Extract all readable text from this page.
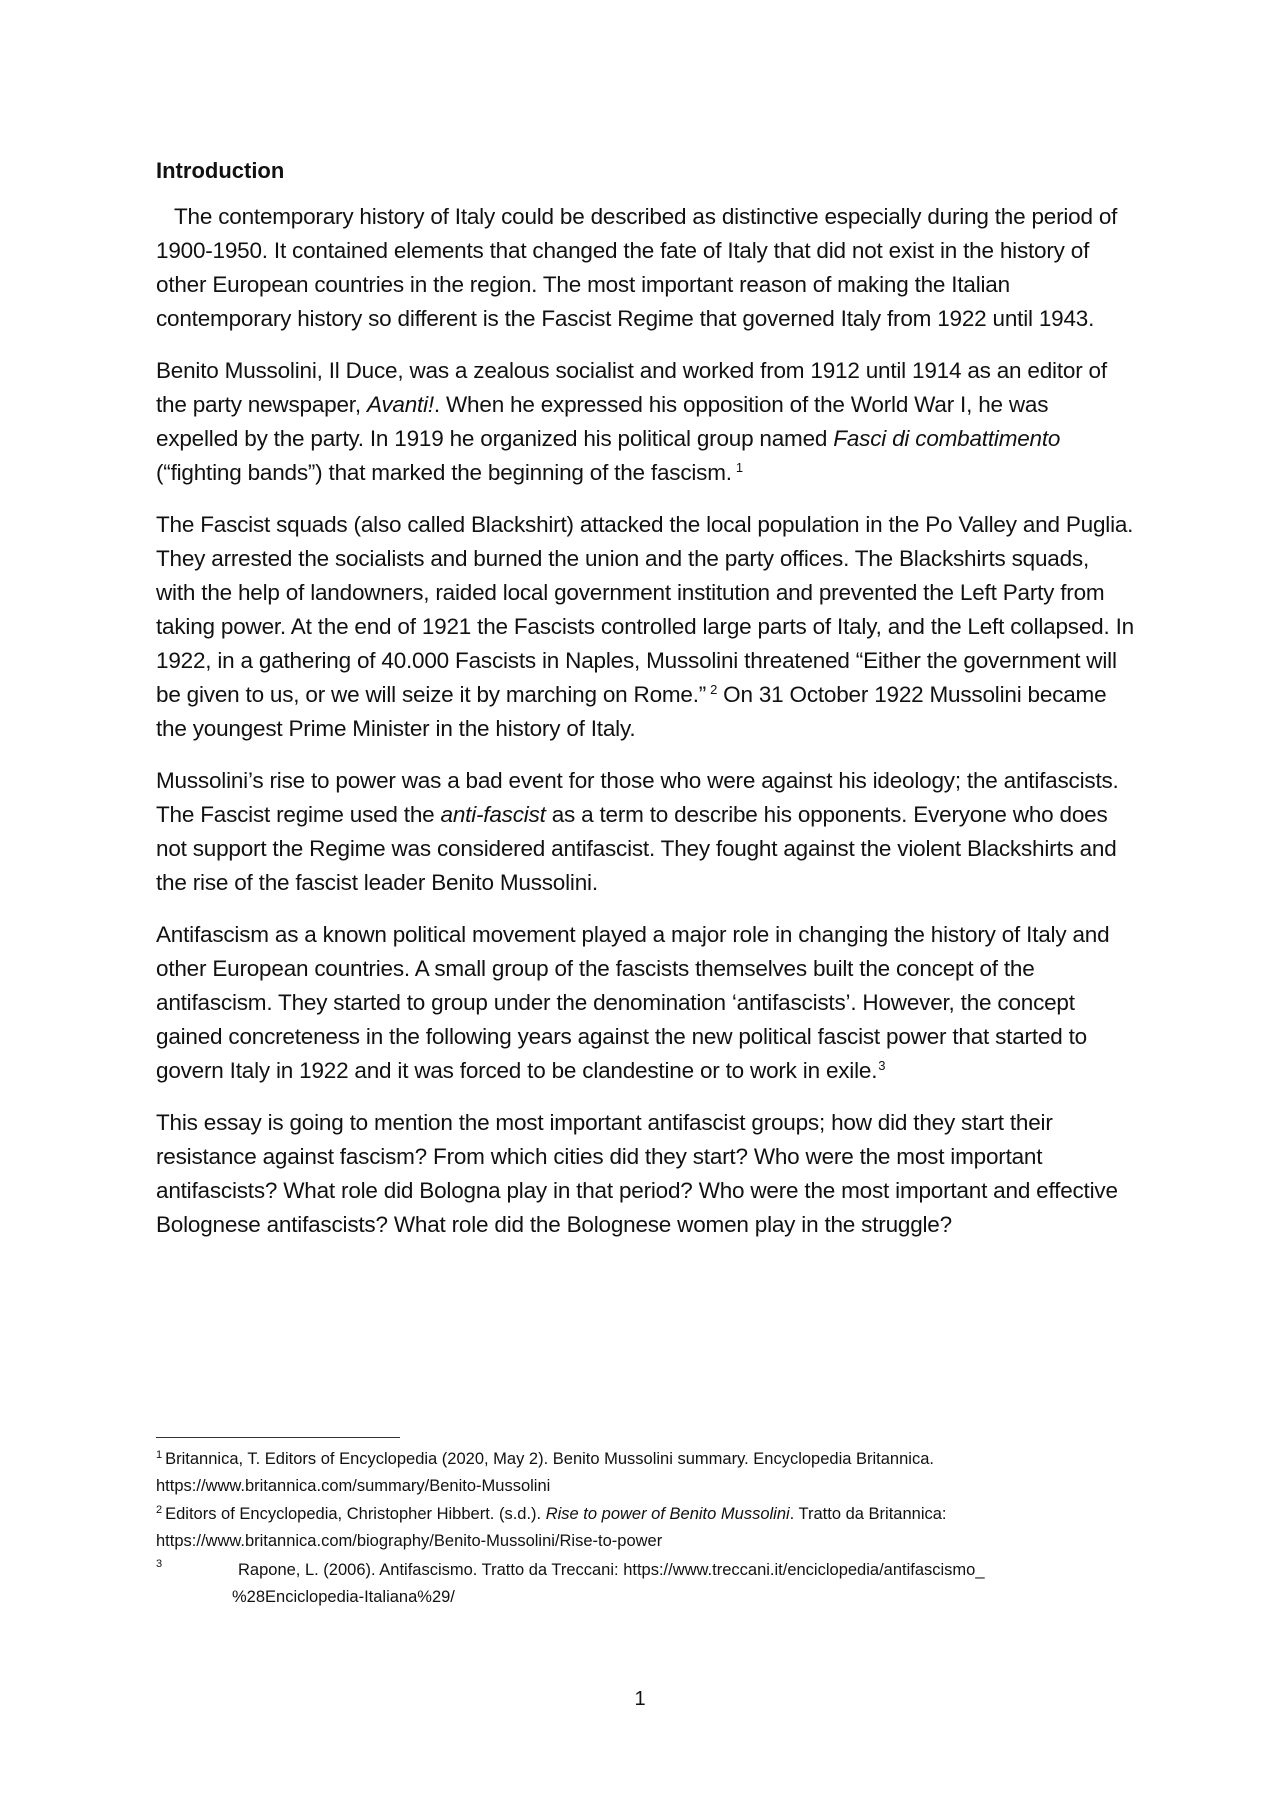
Introduction

The contemporary history of Italy could be described as distinctive especially during the period of 1900-1950. It contained elements that changed the fate of Italy that did not exist in the history of other European countries in the region. The most important reason of making the Italian contemporary history so different is the Fascist Regime that governed Italy from 1922 until 1943.

Benito Mussolini, Il Duce, was a zealous socialist and worked from 1912 until 1914 as an editor of the party newspaper, Avanti!. When he expressed his opposition of the World War I, he was expelled by the party. In 1919 he organized his political group named Fasci di combattimento (“fighting bands”) that marked the beginning of the fascism. $^1$

The Fascist squads (also called Blackshirt) attacked the local population in the Po Valley and Puglia. They arrested the socialists and burned the union and the party offices. The Blackshirts squads, with the help of landowners, raided local government institution and prevented the Left Party from taking power. At the end of 1921 the Fascists controlled large parts of Italy, and the Left collapsed. In 1922, in a gathering of 40.000 Fascists in Naples, Mussolini threatened “Either the government will be given to us, or we will seize it by marching on Rome.” $^2$ On 31 October 1922 Mussolini became the youngest Prime Minister in the history of Italy.

Mussolini’s rise to power was a bad event for those who were against his ideology; the antifascists. The Fascist regime used the anti-fascist as a term to describe his opponents. Everyone who does not support the Regime was considered antifascist. They fought against the violent Blackshirts and the rise of the fascist leader Benito Mussolini.

Antifascism as a known political movement played a major role in changing the history of Italy and other European countries. A small group of the fascists themselves built the concept of the antifascism. They started to group under the denomination ‘antifascists’. However, the concept gained concreteness in the following years against the new political fascist power that started to govern Italy in 1922 and it was forced to be clandestine or to work in exile.$^3$

This essay is going to mention the most important antifascist groups; how did they start their resistance against fascism? From which cities did they start? Who were the most important antifascists? What role did Bologna play in that period? Who were the most important and effective Bolognese antifascists? What role did the Bolognese women play in the struggle?

$^1$ Britannica, T. Editors of Encyclopedia (2020, May 2). Benito Mussolini summary. Encyclopedia Britannica.
https://www.britannica.com/summary/Benito-Mussolini
$^2$ Editors of Encyclopedia, Christopher Hibbert. (s.d.). Rise to power of Benito Mussolini. Tratto da Britannica:
https://www.britannica.com/biography/Benito-Mussolini/Rise-to-power
3	Rapone, L. (2006). Antifascismo. Tratto da Treccani: https://www.treccani.it/enciclopedia/antifascismo_
%28Enciclopedia-Italiana%29/
1
